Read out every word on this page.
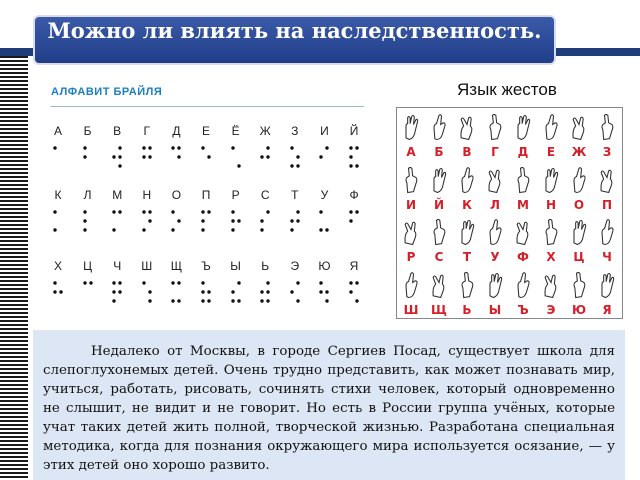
Можно ли влиять на наследственность.
АЛФАВИТ БРАЙЛЯ
А	Б	В	Г	Д	Е	Ё	Ж	З	И	Й
К	Л	М	Н	О	П	Р	С	Т	У	Ф
Х	Ц	Ч	Ш	Щ	Ъ	Ы	Ь	Э	Ю	Я
Язык жестов
А	Б	В	Г	Д	Е	Ж	З
И	Й	К	Л	М	Н	О	П
Р	С	Т	У	Ф	Х	Ц	Ч
Ш	Щ	Ь	Ы	Ъ	Э	Ю	Я

Недалеко от Москвы, в городе Сергиев Посад, существует школа для слепоглухонемых детей. Очень трудно представить, как может познавать мир, учиться, работать, рисовать, сочинять стихи человек, который одновременно не слышит, не видит и не говорит. Но есть в России группа учёных, которые учат таких детей жить полной, творческой жизнью. Разработана специальная методика, когда для познания окружающего мира используется осязание, — у этих детей оно хорошо развито.
